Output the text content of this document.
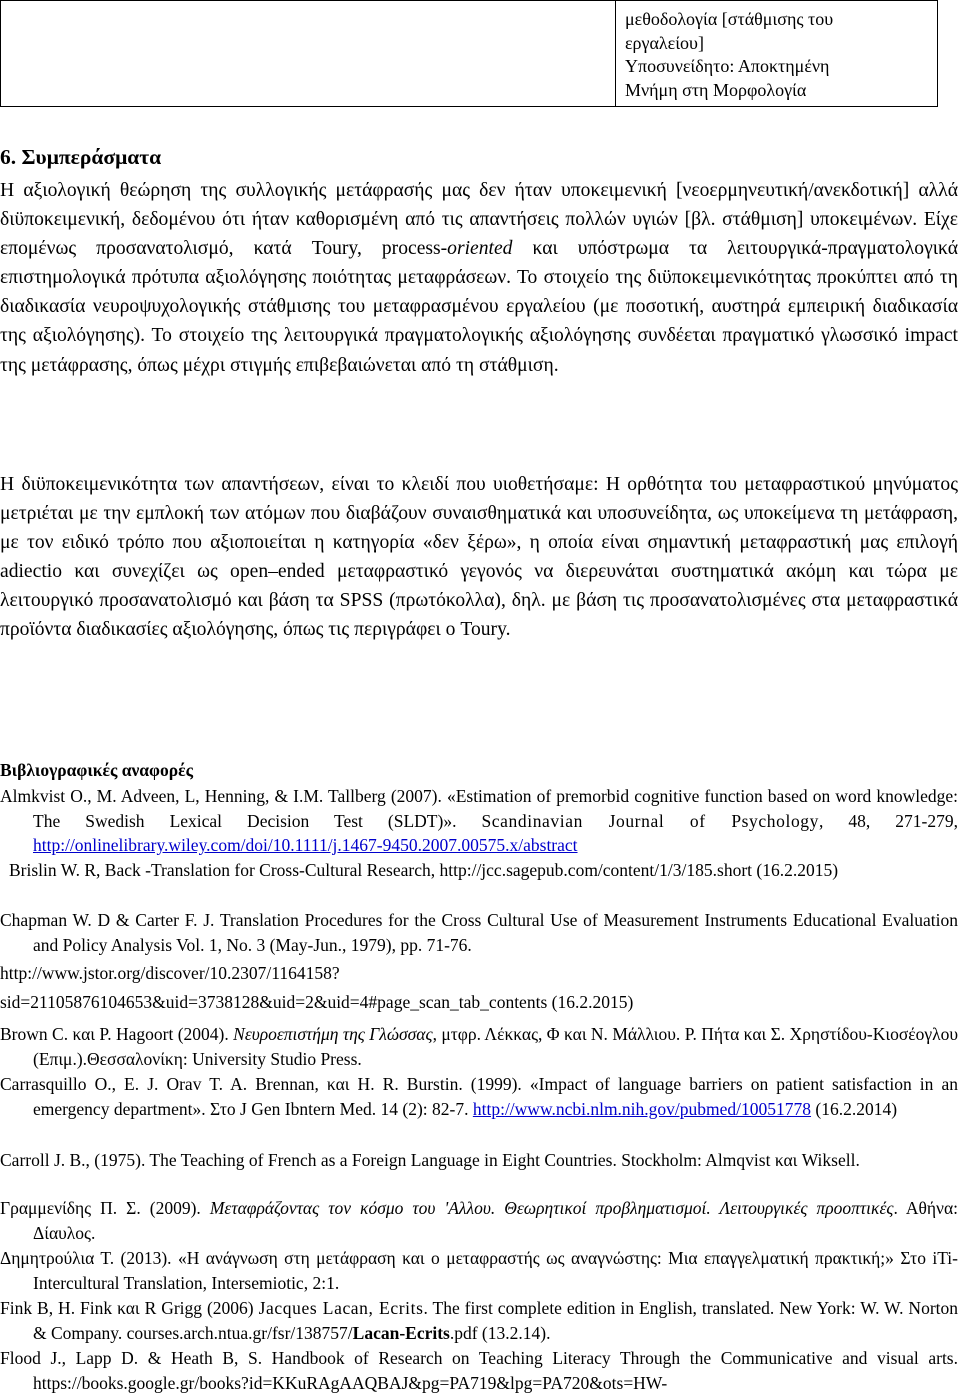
μεθοδολογία [στάθμισης του
εργαλείου]
Υποσυνείδητο: Αποκτημένη
Μνήμη στη Μορφολογία
6. Συμπεράσματα

Η αξιολογική θεώρηση της συλλογικής μετάφρασής μας δεν ήταν υποκειμενική [νεοερμηνευτική/ανεκδοτική] αλλά διϋποκειμενική, δεδομένου ότι ήταν καθορισμένη από τις απαντήσεις πολλών υγιών [βλ. στάθμιση] υποκειμένων. Είχε επομένως προσανατολισμό, κατά Toury, process-oriented και υπόστρωμα τα λειτουργικά-πραγματολογικά επιστημολογικά πρότυπα αξιολόγησης ποιότητας μεταφράσεων. Το στοιχείο της διϋποκειμενικότητας προκύπτει από τη διαδικασία νευροψυχολογικής στάθμισης του μεταφρασμένου εργαλείου (με ποσοτική, αυστηρά εμπειρική διαδικασία της αξιολόγησης). Το στοιχείο της λειτουργικά πραγματολογικής αξιολόγησης συνδέεται πραγματικό γλωσσικό impact της μετάφρασης, όπως μέχρι στιγμής επιβεβαιώνεται από τη στάθμιση.

Η διϋποκειμενικότητα των απαντήσεων, είναι το κλειδί που υιοθετήσαμε: Η ορθότητα του μεταφραστικού μηνύματος μετριέται με την εμπλοκή των ατόμων που διαβάζουν συναισθηματικά και υποσυνείδητα, ως υποκείμενα τη μετάφραση, με τον ειδικό τρόπο που αξιοποιείται η κατηγορία «δεν ξέρω», η οποία είναι σημαντική μεταφραστική μας επιλογή adiectio και συνεχίζει ως open–ended μεταφραστικό γεγονός να διερευνάται συστηματικά ακόμη και τώρα με λειτουργικό προσανατολισμό και βάση τα SPSS (πρωτόκολλα), δηλ. με βάση τις προσανατολισμένες στα μεταφραστικά προϊόντα διαδικασίες αξιολόγησης, όπως τις περιγράφει ο Toury.

Βιβλιογραφικές αναφορές

Almkvist O., M. Adveen, L, Henning, & I.M. Tallberg (2007). «Estimation of premorbid cognitive function based on word knowledge: The Swedish Lexical Decision Test (SLDT)». Scandinavian Journal of Psychology, 48, 271-279, http://onlinelibrary.wiley.com/doi/10.1111/j.1467-9450.2007.00575.x/abstract

Brislin W. R, Back -Translation for Cross-Cultural Research, http://jcc.sagepub.com/content/1/3/185.short (16.2.2015)

Chapman W. D & Carter F. J. Translation Procedures for the Cross Cultural Use of Measurement Instruments Educational Evaluation and Policy Analysis Vol. 1, No. 3 (May-Jun., 1979), pp. 71-76.
http://www.jstor.org/discover/10.2307/1164158?
sid=21105876104653&uid=3738128&uid=2&uid=4#page_scan_tab_contents (16.2.2015)

Brown C. και P. Hagoort (2004). Νευροεπιστήμη της Γλώσσας, μτφρ. Λέκκας, Φ και N. Μάλλιου. Ρ. Πήτα και Σ. Χρηστίδου-Κιοσέογλου (Επιμ.).Θεσσαλονίκη: University Studio Press.

Carrasquillo O., E. J. Orav T. A. Brennan, και H. R. Burstin. (1999). «Impact of language barriers on patient satisfaction in an emergency department». Στο J Gen Ibntern Med. 14 (2): 82-7. http://www.ncbi.nlm.nih.gov/pubmed/10051778 (16.2.2014)

Carroll J. B., (1975). The Teaching of French as a Foreign Language in Eight Countries. Stockholm: Almqvist και Wiksell.

Γραμμενίδης Π. Σ. (2009). Μεταφράζοντας τον κόσμο του 'Αλλου. Θεωρητικοί προβληματισμοί. Λειτουργικές προοπτικές. Αθήνα: Δίαυλος.

Δημητρούλια Τ. (2013). «Η ανάγνωση στη μετάφραση και ο μεταφραστής ως αναγνώστης: Μια επαγγελματική πρακτική;» Στο iTi- Intercultural Translation, Intersemiotic, 2:1.

Fink B, H. Fink και R Grigg (2006) Jacques Lacan, Ecrits. The first complete edition in English, translated. New York: W. W. Norton & Company. courses.arch.ntua.gr/fsr/138757/Lacan-Ecrits.pdf (13.2.14).

Flood J., Lapp D. & Heath B, S. Handbook of Research on Teaching Literacy Through the Communicative and visual arts. https://books.google.gr/books?id=KKuRAgAAQBAJ&pg=PA719&lpg=PA720&ots=HW-
